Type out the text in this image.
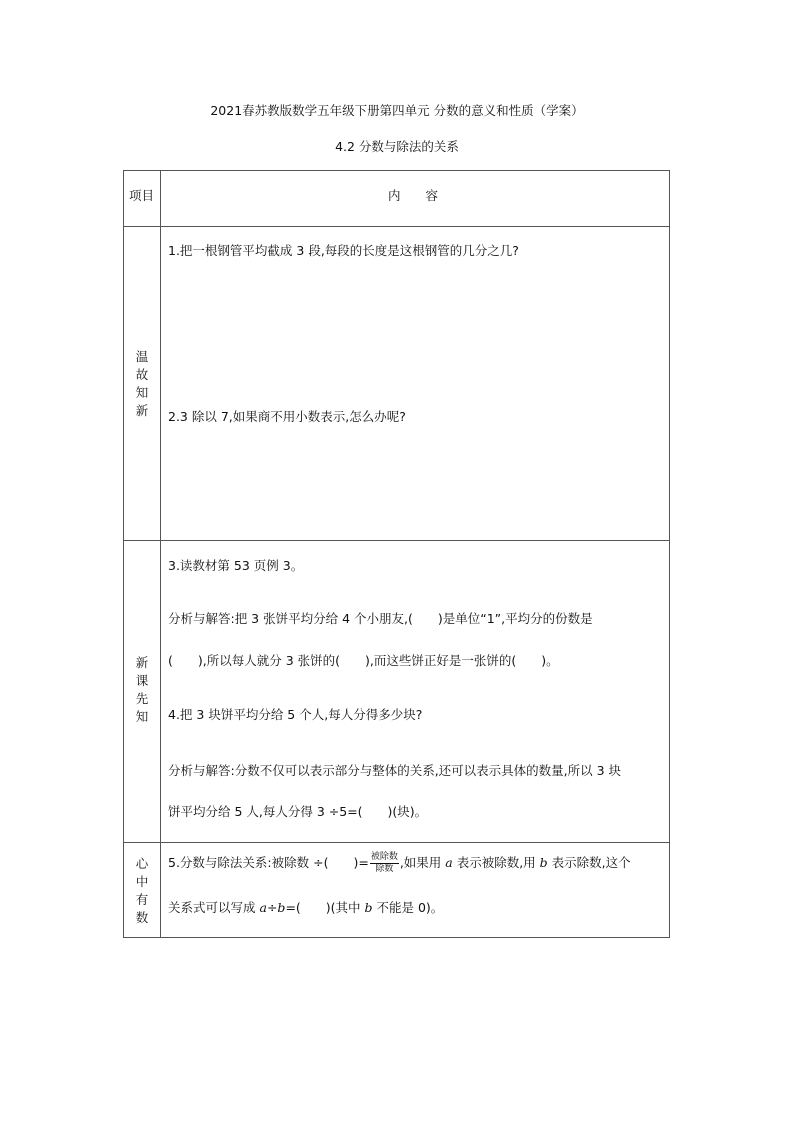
2021春苏教版数学五年级下册第四单元 分数的意义和性质（学案）
4.2 分数与除法的关系
项目	内　　容
温故知新
1.把一根钢管平均截成 3 段,每段的长度是这根钢管的几分之几?
2.3 除以 7,如果商不用小数表示,怎么办呢?
新课先知
3.读教材第 53 页例 3。
分析与解答:把 3 张饼平均分给 4 个小朋友,(　　)是单位“1”,平均分的份数是
(　　),所以每人就分 3 张饼的(　　),而这些饼正好是一张饼的(　　)。
4.把 3 块饼平均分给 5 个人,每人分得多少块?
分析与解答:分数不仅可以表示部分与整体的关系,还可以表示具体的数量,所以 3 块
饼平均分给 5 人,每人分得 3 ÷5=(　　)(块)。
心中有数
5.分数与除法关系:被除数 ÷(　　)= $\frac{\text{被除数}}{\text{除数}}$ ,如果用 a 表示被除数,用 b 表示除数,这个
关系式可以写成 a÷b=(　　)(其中 b 不能是 0)。
